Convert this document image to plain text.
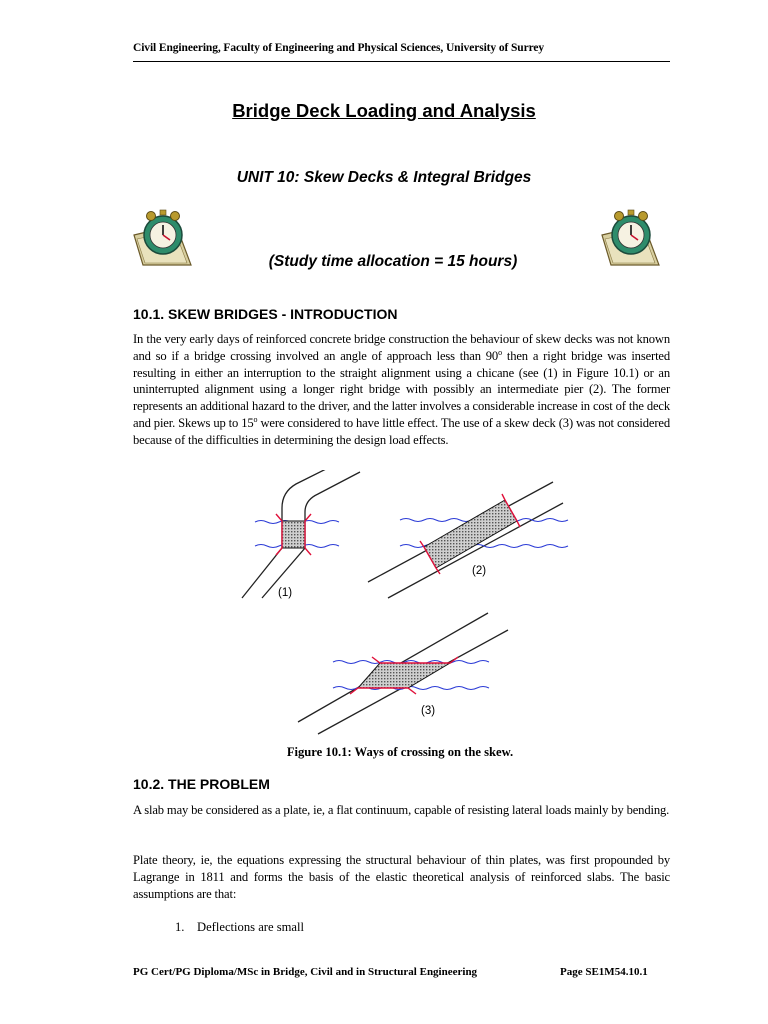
Civil Engineering, Faculty of Engineering and Physical Sciences, University of Surrey
Bridge Deck Loading and Analysis
UNIT 10: Skew Decks & Integral Bridges
(Study time allocation = 15 hours)
10.1. SKEW BRIDGES - INTRODUCTION
In the very early days of reinforced concrete bridge construction the behaviour of skew decks was not known and so if a bridge crossing involved an angle of approach less than 90$^o$ then a right bridge was inserted resulting in either an interruption to the straight alignment using a chicane (see (1) in Figure 10.1) or an uninterrupted alignment using a longer right bridge with possibly an intermediate pier (2). The former represents an additional hazard to the driver, and the latter involves a considerable increase in cost of the deck and pier. Skews up to 15$^o$ were considered to have little effect. The use of a skew deck (3) was not considered because of the difficulties in determining the design load effects.
(1)
(2)
(3)
Figure 10.1: Ways of crossing on the skew.
10.2. THE PROBLEM
A slab may be considered as a plate, ie, a flat continuum, capable of resisting lateral loads mainly by bending.
Plate theory, ie, the equations expressing the structural behaviour of thin plates, was first propounded by Lagrange in 1811 and forms the basis of the elastic theoretical analysis of reinforced slabs. The basic assumptions are that:
1. Deflections are small
PG Cert/PG Diploma/MSc in Bridge, Civil and in Structural Engineering	Page SE1M54.10.1
